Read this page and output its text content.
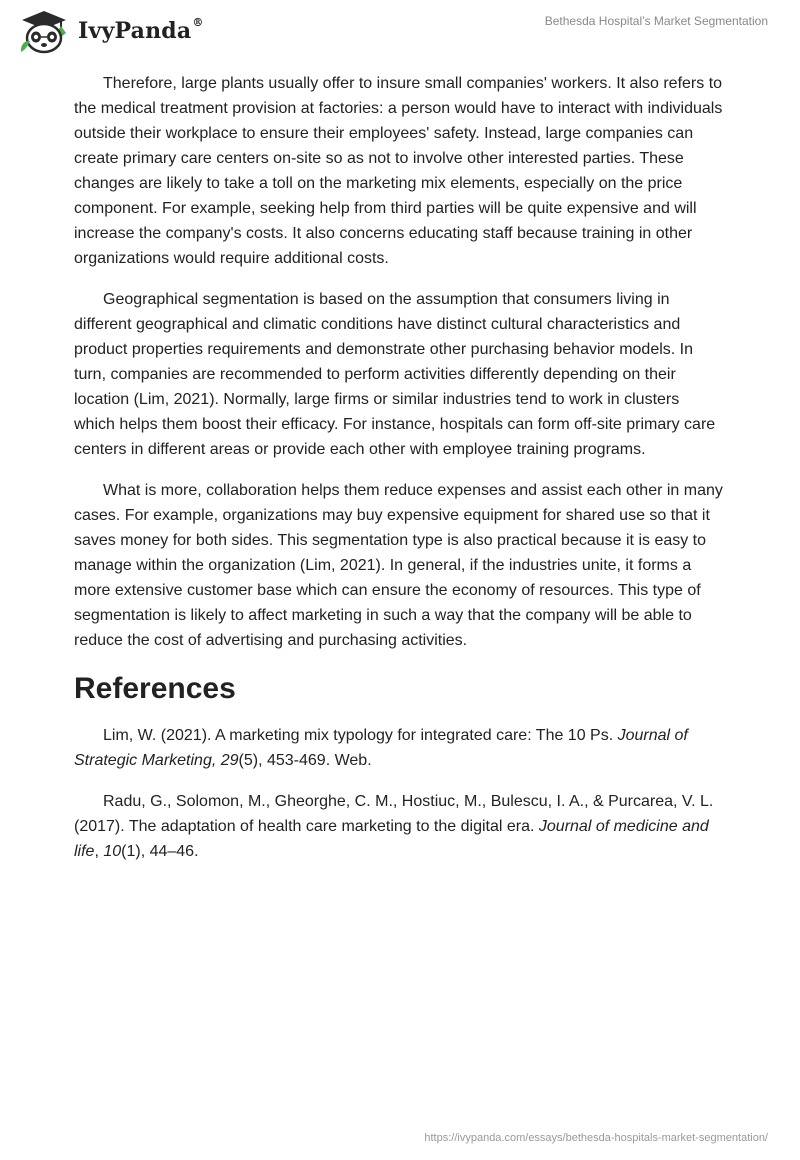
IvyPanda®	Bethesda Hospital’s Market Segmentation

Therefore, large plants usually offer to insure small companies' workers. It also refers to the medical treatment provision at factories: a person would have to interact with individuals outside their workplace to ensure their employees' safety. Instead, large companies can create primary care centers on-site so as not to involve other interested parties. These changes are likely to take a toll on the marketing mix elements, especially on the price component. For example, seeking help from third parties will be quite expensive and will increase the company's costs. It also concerns educating staff because training in other organizations would require additional costs.

Geographical segmentation is based on the assumption that consumers living in different geographical and climatic conditions have distinct cultural characteristics and product properties requirements and demonstrate other purchasing behavior models. In turn, companies are recommended to perform activities differently depending on their location (Lim, 2021). Normally, large firms or similar industries tend to work in clusters which helps them boost their efficacy. For instance, hospitals can form off-site primary care centers in different areas or provide each other with employee training programs.

What is more, collaboration helps them reduce expenses and assist each other in many cases. For example, organizations may buy expensive equipment for shared use so that it saves money for both sides. This segmentation type is also practical because it is easy to manage within the organization (Lim, 2021). In general, if the industries unite, it forms a more extensive customer base which can ensure the economy of resources. This type of segmentation is likely to affect marketing in such a way that the company will be able to reduce the cost of advertising and purchasing activities.

References

Lim, W. (2021). A marketing mix typology for integrated care: The 10 Ps. Journal of Strategic Marketing, 29(5), 453-469. Web.

Radu, G., Solomon, M., Gheorghe, C. M., Hostiuc, M., Bulescu, I. A., & Purcarea, V. L. (2017). The adaptation of health care marketing to the digital era. Journal of medicine and life, 10(1), 44–46.

https://ivypanda.com/essays/bethesda-hospitals-market-segmentation/
